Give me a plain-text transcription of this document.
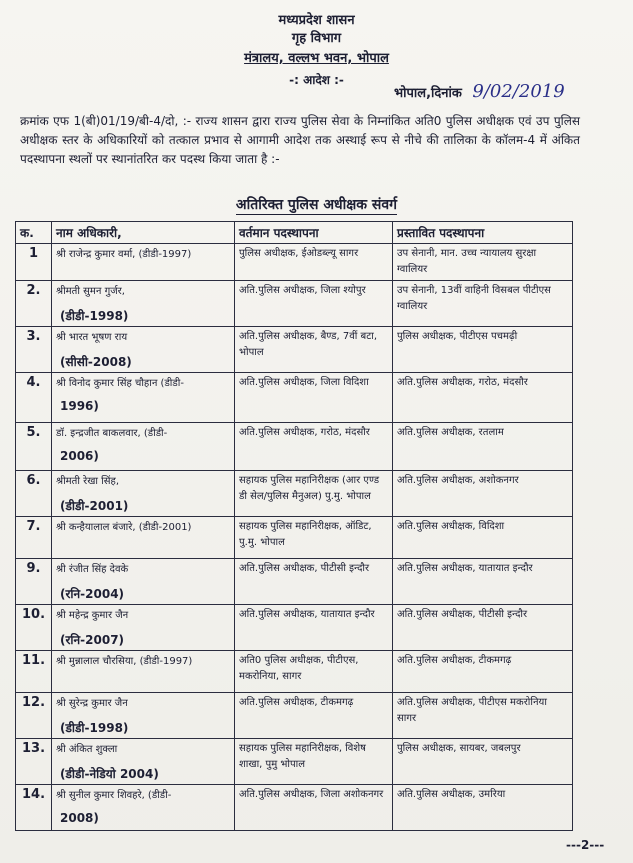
मध्यप्रदेश शासन
गृह विभाग
मंत्रालय, वल्लभ भवन, भोपाल
-: आदेश :-
भोपाल,दिनांक 9/02/2019
क्रमांक एफ 1(बी)01/19/बी-4/दो, :- राज्य शासन द्वारा राज्य पुलिस सेवा के निम्नांकित अति0 पुलिस अधीक्षक एवं उप पुलिस अधीक्षक स्तर के अधिकारियों को तत्काल प्रभाव से आगामी आदेश तक अस्थाई रूप से नीचे की तालिका के कॉलम-4 में अंकित पदस्थापना स्थलों पर स्थानांतरित कर पदस्थ किया जाता है :-
अतिरिक्त पुलिस अधीक्षक संवर्ग
क.	नाम अधिकारी,	वर्तमान पदस्थापना	प्रस्तावित पदस्थापना
1	श्री राजेन्द्र कुमार वर्मा, (डीडी-1997)	पुलिस अधीक्षक, ईओडब्ल्यू सागर	उप सेनानी, मान. उच्च न्यायालय सुरक्षा ग्वालियर
2.	श्रीमती सुमन गुर्जर,
(डीडी-1998)	अति.पुलिस अधीक्षक, जिला श्योपुर	उप सेनानी, 13वीं वाहिनी विसबल पीटीएस ग्वालियर
3.	श्री भारत भूषण राय
(सीसी-2008)	अति.पुलिस अधीक्षक, बैण्ड, 7वीं बटा, भोपाल	पुलिस अधीक्षक, पीटीएस पचमढ़ी
4.	श्री विनोद कुमार सिंह चौहान (डीडी-
1996)	अति.पुलिस अधीक्षक, जिला विदिशा	अति.पुलिस अधीक्षक, गरोठ, मंदसौर
5.	डॉ. इन्द्रजीत बाकलवार, (डीडी-
2006)	अति.पुलिस अधीक्षक, गरोठ, मंदसौर	अति.पुलिस अधीक्षक, रतलाम
6.	श्रीमती रेखा सिंह,
(डीडी-2001)	सहायक पुलिस महानिरीक्षक (आर एण्ड डी सेल/पुलिस मैनुअल) पु.मु. भोपाल	अति.पुलिस अधीक्षक, अशोकनगर
7.	श्री कन्हैयालाल बंजारे, (डीडी-2001)	सहायक पुलिस महानिरीक्षक, ऑडिट, पु.मु. भोपाल	अति.पुलिस अधीक्षक, विदिशा
9.	श्री रंजीत सिंह देवके
(रनि-2004)	अति.पुलिस अधीक्षक, पीटीसी इन्दौर	अति.पुलिस अधीक्षक, यातायात इन्दौर
10.	श्री महेन्द्र कुमार जैन
(रनि-2007)	अति.पुलिस अधीक्षक, यातायात इन्दौर	अति.पुलिस अधीक्षक, पीटीसी इन्दौर
11.	श्री मुन्नालाल चौरसिया, (डीडी-1997)	अति0 पुलिस अधीक्षक, पीटीएस, मकरोनिया, सागर	अति.पुलिस अधीक्षक, टीकमगढ़
12.	श्री सुरेन्द्र कुमार जैन
(डीडी-1998)	अति.पुलिस अधीक्षक, टीकमगढ़	अति.पुलिस अधीक्षक, पीटीएस मकरोनिया सागर
13.	श्री अंकित शुक्ला
(डीडी-नेडियो 2004)	सहायक पुलिस महानिरीक्षक, विशेष शाखा, पुमु भोपाल	पुलिस अधीक्षक, सायबर, जबलपुर
14.	श्री सुनील कुमार शिवहरे, (डीडी-
2008)	अति.पुलिस अधीक्षक, जिला अशोकनगर	अति.पुलिस अधीक्षक, उमरिया
---2---
